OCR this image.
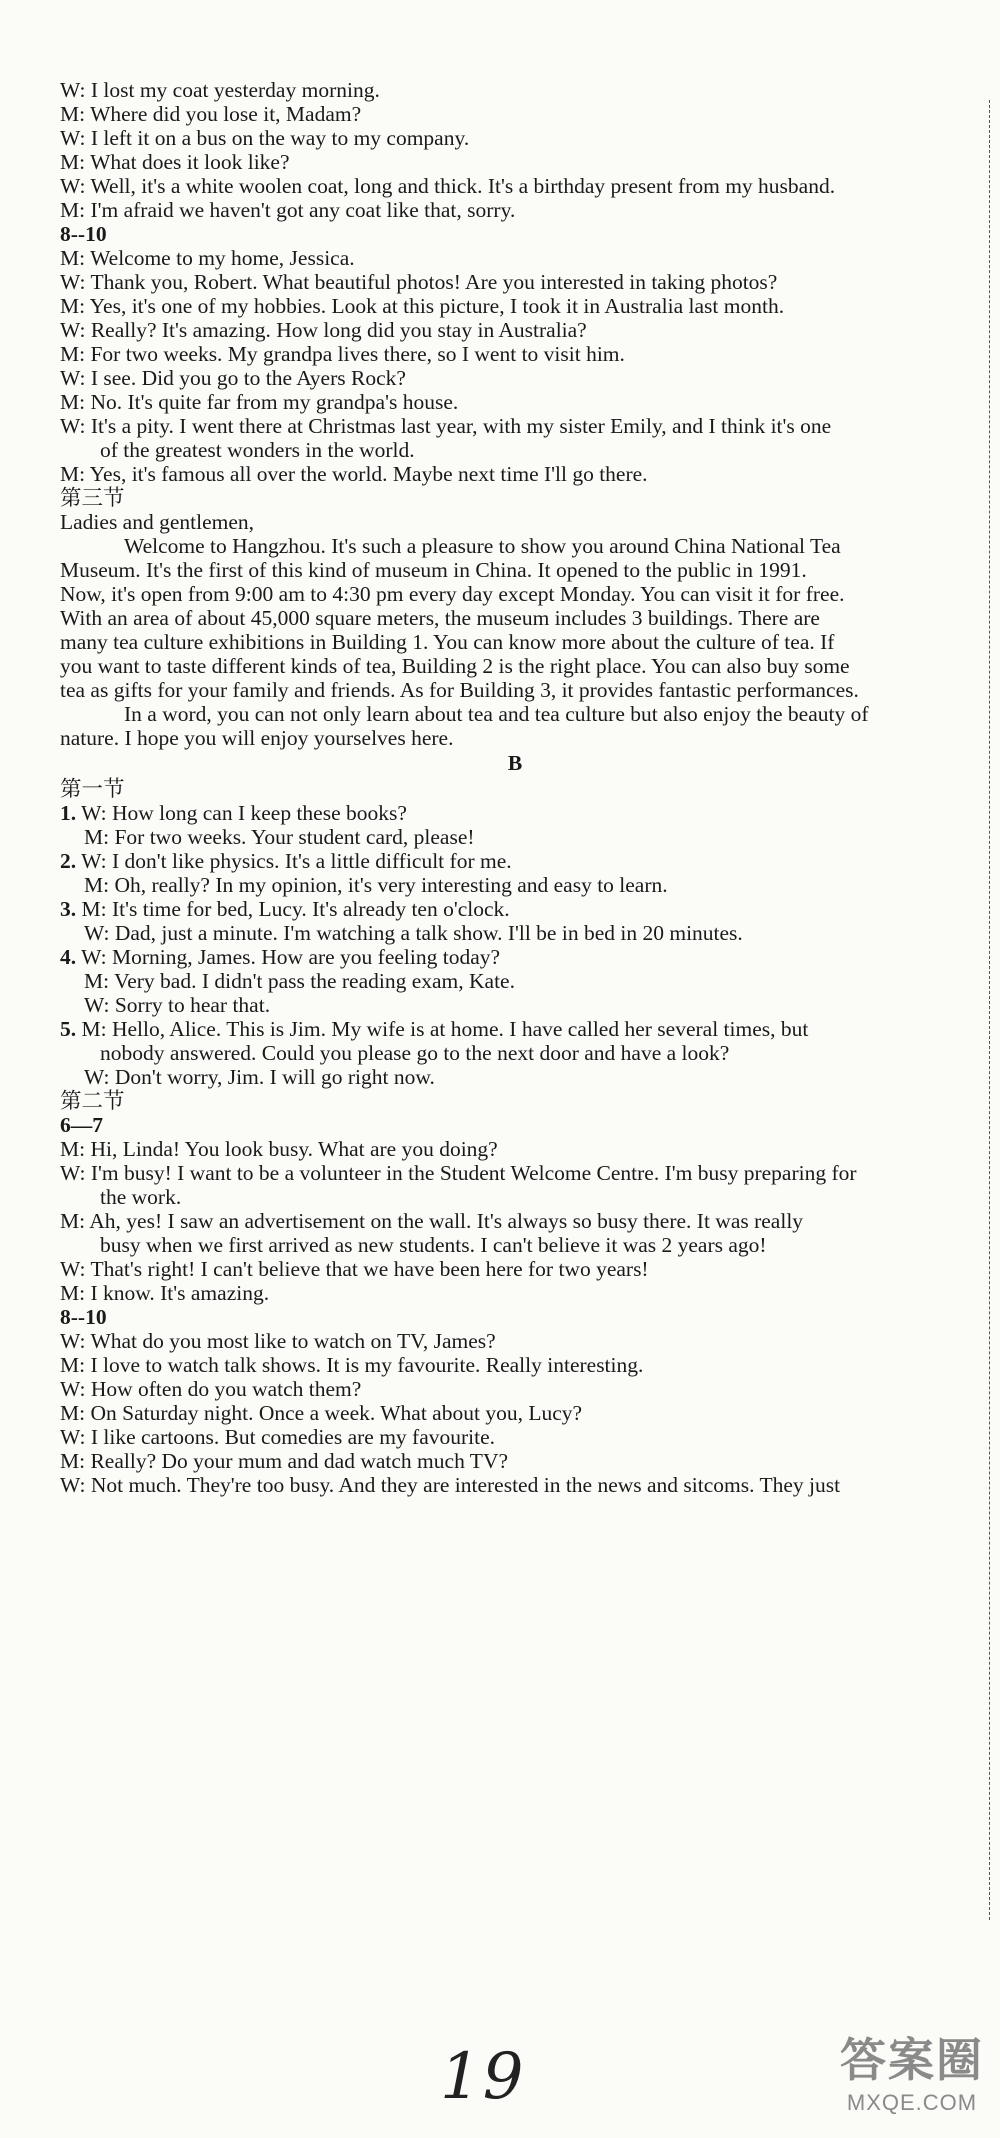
W: I lost my coat yesterday morning.
M: Where did you lose it, Madam?
W: I left it on a bus on the way to my company.
M: What does it look like?
W: Well, it's a white woolen coat, long and thick. It's a birthday present from my husband.
M: I'm afraid we haven't got any coat like that, sorry.
8--10
M: Welcome to my home, Jessica.
W: Thank you, Robert. What beautiful photos! Are you interested in taking photos?
M: Yes, it's one of my hobbies. Look at this picture, I took it in Australia last month.
W: Really? It's amazing. How long did you stay in Australia?
M: For two weeks. My grandpa lives there, so I went to visit him.
W: I see. Did you go to the Ayers Rock?
M: No. It's quite far from my grandpa's house.
W: It's a pity. I went there at Christmas last year, with my sister Emily, and I think it's one
of the greatest wonders in the world.
M: Yes, it's famous all over the world. Maybe next time I'll go there.
第三节
Ladies and gentlemen,
Welcome to Hangzhou. It's such a pleasure to show you around China National Tea
Museum. It's the first of this kind of museum in China. It opened to the public in 1991.
Now, it's open from 9:00 am to 4:30 pm every day except Monday. You can visit it for free.
With an area of about 45,000 square meters, the museum includes 3 buildings. There are
many tea culture exhibitions in Building 1. You can know more about the culture of tea. If
you want to taste different kinds of tea, Building 2 is the right place. You can also buy some
tea as gifts for your family and friends. As for Building 3, it provides fantastic performances.
In a word, you can not only learn about tea and tea culture but also enjoy the beauty of
nature. I hope you will enjoy yourselves here.
B
第一节
1. W: How long can I keep these books?
M: For two weeks. Your student card, please!
2. W: I don't like physics. It's a little difficult for me.
M: Oh, really? In my opinion, it's very interesting and easy to learn.
3. M: It's time for bed, Lucy. It's already ten o'clock.
W: Dad, just a minute. I'm watching a talk show. I'll be in bed in 20 minutes.
4. W: Morning, James. How are you feeling today?
M: Very bad. I didn't pass the reading exam, Kate.
W: Sorry to hear that.
5. M: Hello, Alice. This is Jim. My wife is at home. I have called her several times, but
nobody answered. Could you please go to the next door and have a look?
W: Don't worry, Jim. I will go right now.
第二节
6—7
M: Hi, Linda! You look busy. What are you doing?
W: I'm busy! I want to be a volunteer in the Student Welcome Centre. I'm busy preparing for
the work.
M: Ah, yes! I saw an advertisement on the wall. It's always so busy there. It was really
busy when we first arrived as new students. I can't believe it was 2 years ago!
W: That's right! I can't believe that we have been here for two years!
M: I know. It's amazing.
8--10
W: What do you most like to watch on TV, James?
M: I love to watch talk shows. It is my favourite. Really interesting.
W: How often do you watch them?
M: On Saturday night. Once a week. What about you, Lucy?
W: I like cartoons. But comedies are my favourite.
M: Really? Do your mum and dad watch much TV?
W: Not much. They're too busy. And they are interested in the news and sitcoms. They just
19	答案圈
MXQE.COM
